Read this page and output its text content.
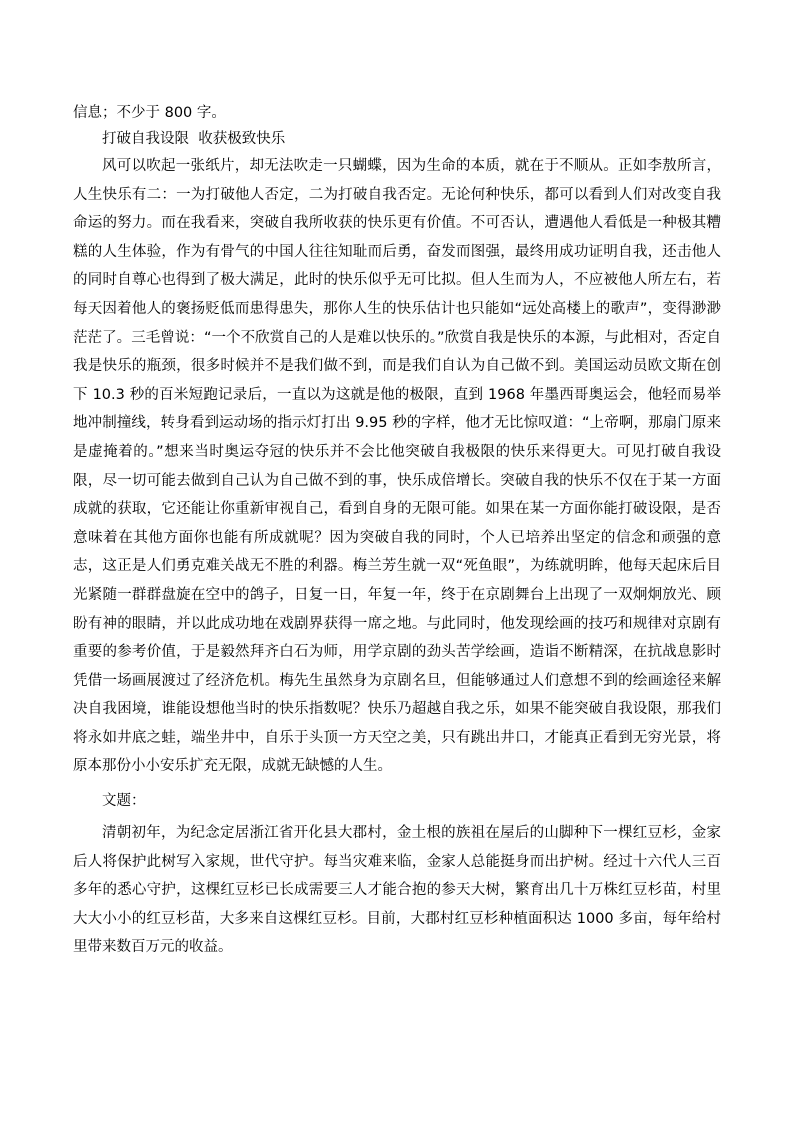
信息；不少于 800 字。

打破自我设限  收获极致快乐

风可以吹起一张纸片，却无法吹走一只蝴蝶，因为生命的本质，就在于不顺从。正如李敖所言，人生快乐有二：一为打破他人否定，二为打破自我否定。无论何种快乐，都可以看到人们对改变自我命运的努力。而在我看来，突破自我所收获的快乐更有价值。不可否认，遭遇他人看低是一种极其糟糕的人生体验，作为有骨气的中国人往往知耻而后勇，奋发而图强，最终用成功证明自我，还击他人的同时自尊心也得到了极大满足，此时的快乐似乎无可比拟。但人生而为人，不应被他人所左右，若每天因着他人的褒扬贬低而患得患失，那你人生的快乐估计也只能如“远处高楼上的歌声”，变得渺渺茫茫了。三毛曾说：“一个不欣赏自己的人是难以快乐的。”欣赏自我是快乐的本源，与此相对，否定自我是快乐的瓶颈，很多时候并不是我们做不到，而是我们自认为自己做不到。美国运动员欧文斯在创下 10.3 秒的百米短跑记录后，一直以为这就是他的极限，直到 1968 年墨西哥奥运会，他轻而易举地冲制撞线，转身看到运动场的指示灯打出 9.95 秒的字样，他才无比惊叹道：“上帝啊，那扇门原来是虚掩着的。”想来当时奥运夺冠的快乐并不会比他突破自我极限的快乐来得更大。可见打破自我设限，尽一切可能去做到自己认为自己做不到的事，快乐成倍增长。突破自我的快乐不仅在于某一方面成就的获取，它还能让你重新审视自己，看到自身的无限可能。如果在某一方面你能打破设限，是否意味着在其他方面你也能有所成就呢？因为突破自我的同时，个人已培养出坚定的信念和顽强的意志，这正是人们勇克难关战无不胜的利器。梅兰芳生就一双“死鱼眼”，为练就明眸，他每天起床后目光紧随一群群盘旋在空中的鸽子，日复一日，年复一年，终于在京剧舞台上出现了一双炯炯放光、顾盼有神的眼睛，并以此成功地在戏剧界获得一席之地。与此同时，他发现绘画的技巧和规律对京剧有重要的参考价值，于是毅然拜齐白石为师，用学京剧的劲头苦学绘画，造诣不断精深，在抗战息影时凭借一场画展渡过了经济危机。梅先生虽然身为京剧名旦，但能够通过人们意想不到的绘画途径来解决自我困境，谁能设想他当时的快乐指数呢？快乐乃超越自我之乐，如果不能突破自我设限，那我们将永如井底之蛙，端坐井中，自乐于头顶一方天空之美，只有跳出井口，才能真正看到无穷光景，将原本那份小小安乐扩充无限，成就无缺憾的人生。

文题：

清朝初年，为纪念定居浙江省开化县大郡村，金土根的族祖在屋后的山脚种下一棵红豆杉，金家后人将保护此树写入家规，世代守护。每当灾难来临，金家人总能挺身而出护树。经过十六代人三百多年的悉心守护，这棵红豆杉已长成需要三人才能合抱的参天大树，繁育出几十万株红豆杉苗，村里大大小小的红豆杉苗，大多来自这棵红豆杉。目前，大郡村红豆杉种植面积达 1000 多亩，每年给村里带来数百万元的收益。
